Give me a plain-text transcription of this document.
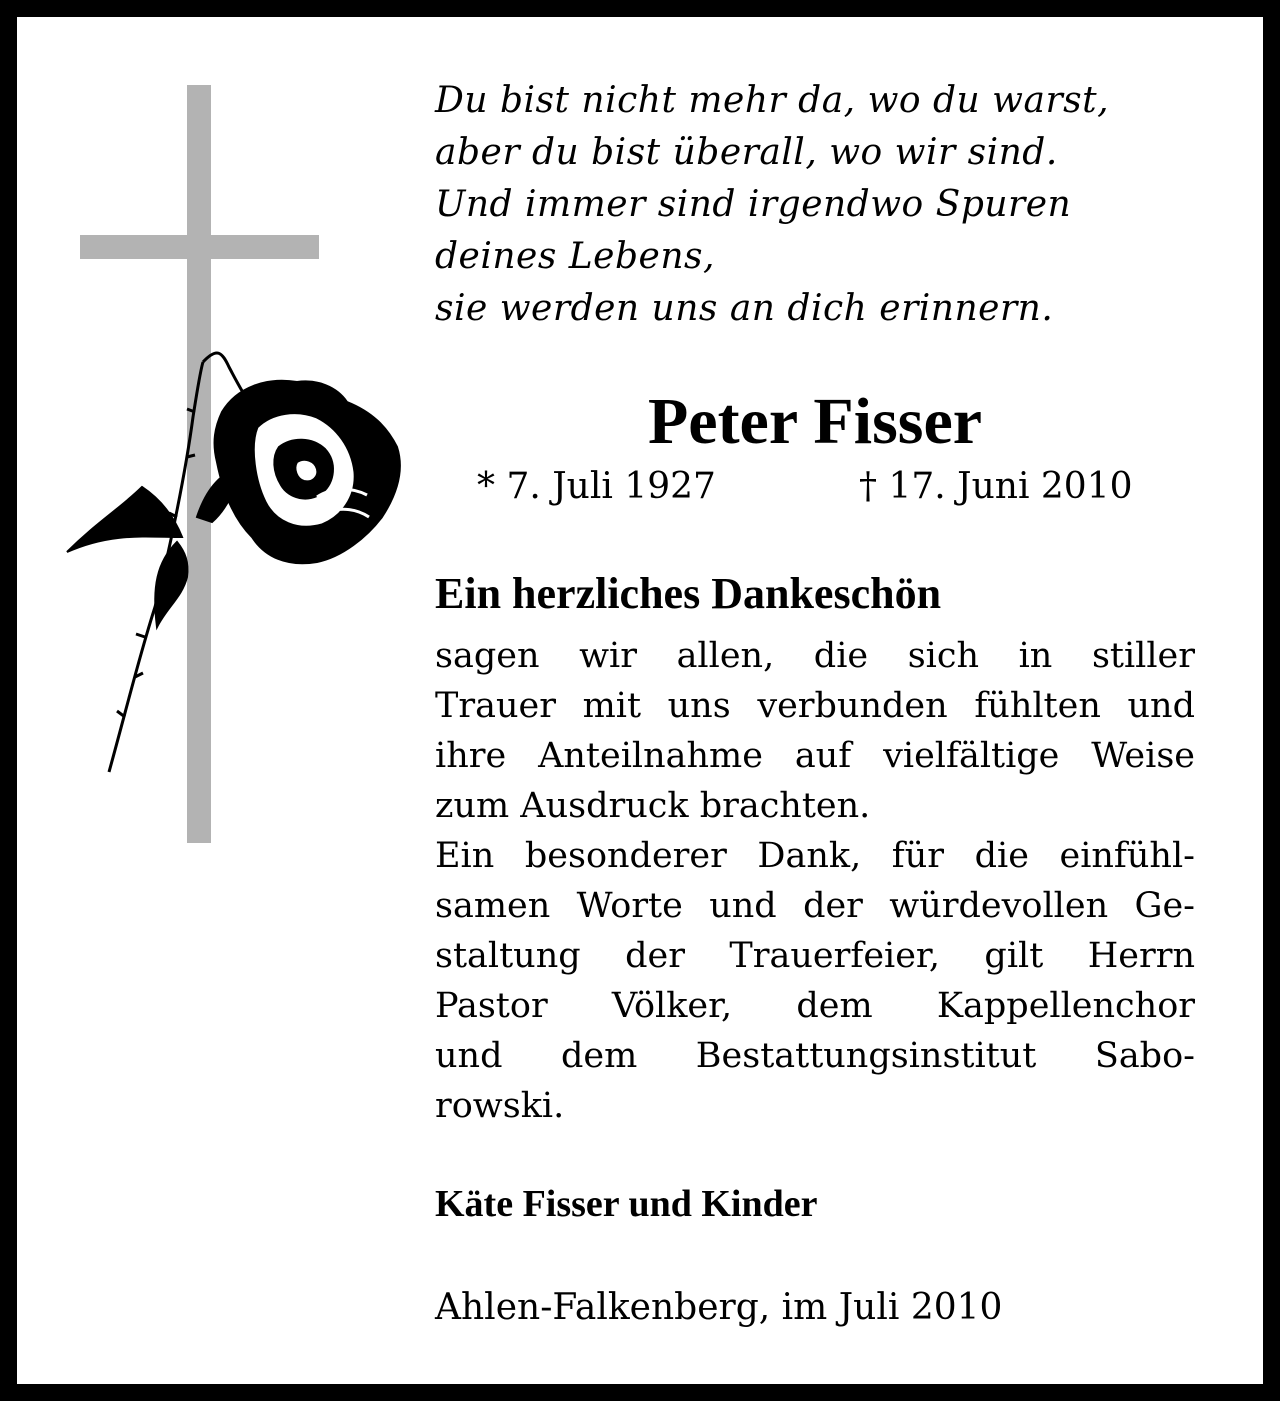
Du bist nicht mehr da, wo du warst,
aber du bist überall, wo wir sind.
Und immer sind irgendwo Spuren
deines Lebens,
sie werden uns an dich erinnern.
Peter Fisser
* 7. Juli 1927	† 17. Juni 2010
Ein herzliches Dankeschön
sagen wir allen, die sich in stiller
Trauer mit uns verbunden fühlten und
ihre Anteilnahme auf vielfältige Weise
zum Ausdruck brachten.
Ein besonderer Dank, für die einfühl-
samen Worte und der würdevollen Ge-
staltung der Trauerfeier, gilt Herrn
Pastor Völker, dem Kappellenchor
und dem Bestattungsinstitut Sabo-
rowski.
Käte Fisser und Kinder
Ahlen-Falkenberg, im Juli 2010
